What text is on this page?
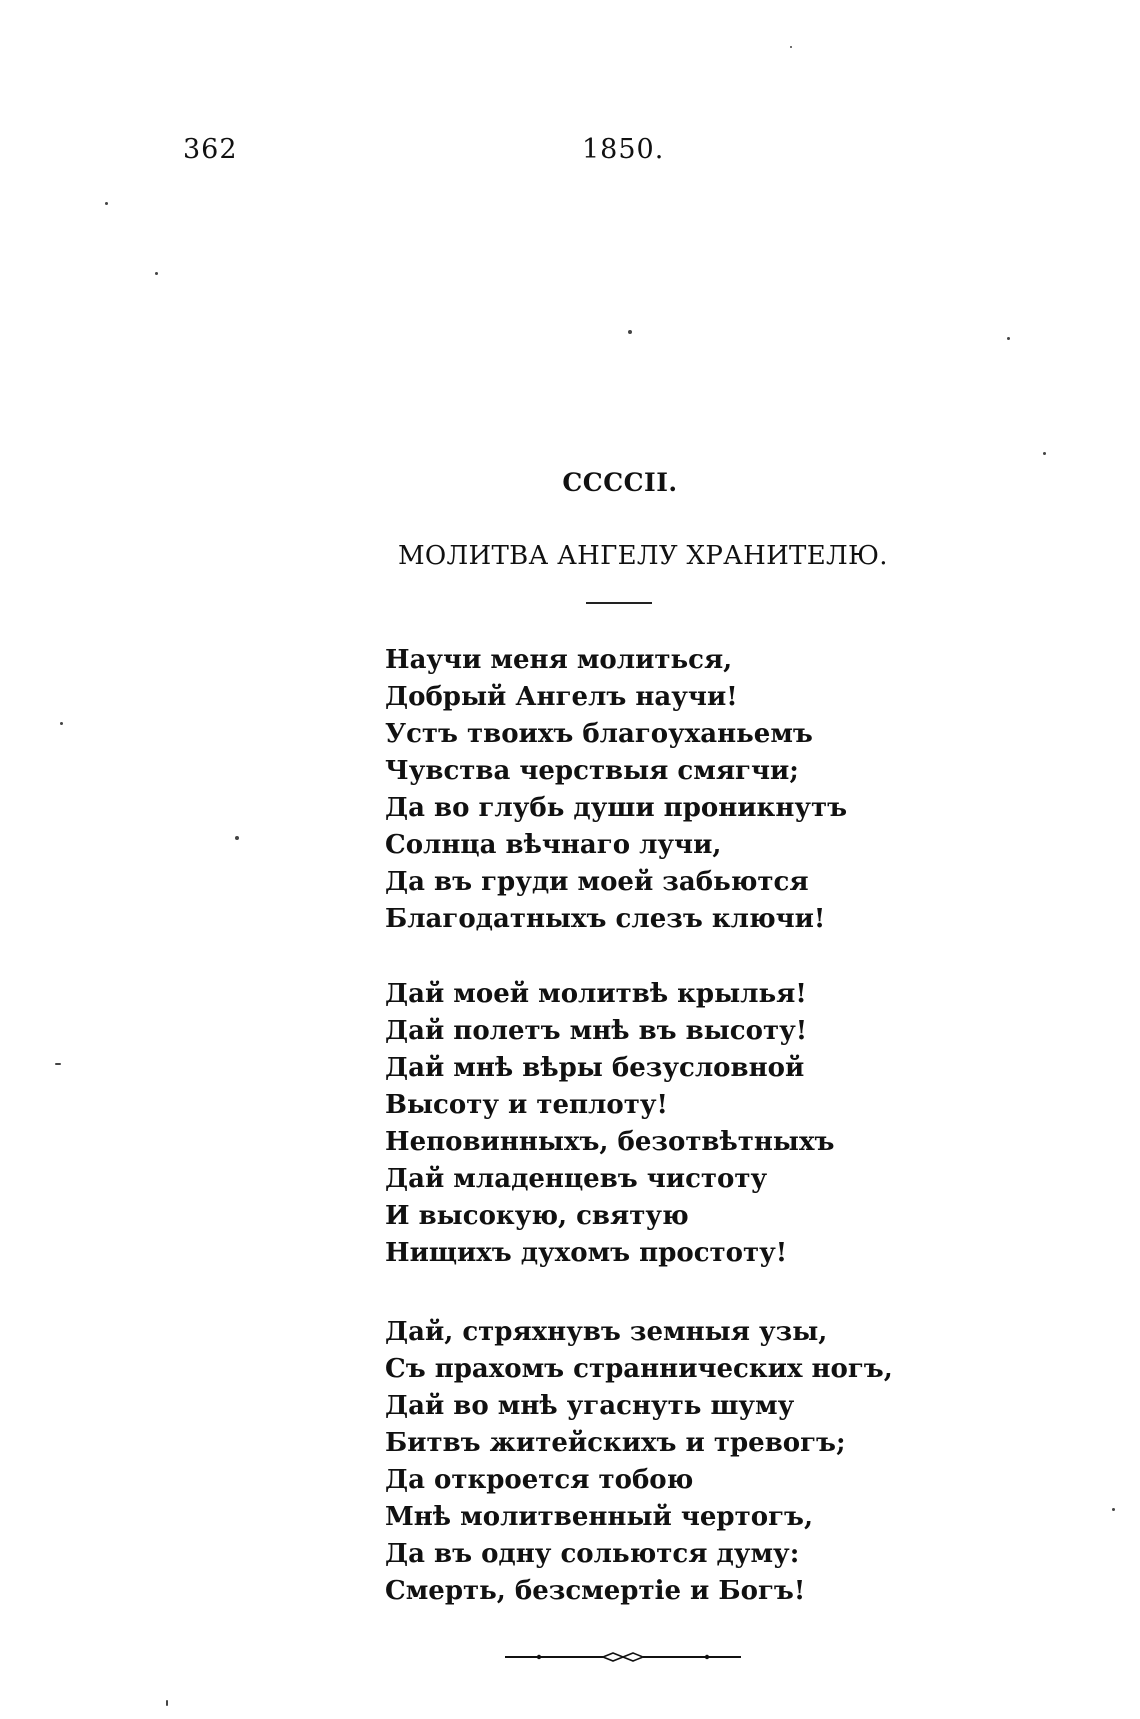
362	1850.
CCCCII.
МОЛИТВА АНГЕЛУ ХРАНИТЕЛЮ.
Научи меня молиться,
Добрый Ангелъ научи!
Устъ твоихъ благоуханьемъ
Чувства черствыя смягчи;
Да во глубь души проникнутъ
Солнца вѣчнаго лучи,
Да въ груди моей забьются
Благодатныхъ слезъ ключи!
Дай моей молитвѣ крылья!
Дай полетъ мнѣ въ высоту!
Дай мнѣ вѣры безусловной
Высоту и теплоту!
Неповинныхъ, безотвѣтныхъ
Дай младенцевъ чистоту
И высокую, святую
Нищихъ духомъ простоту!
Дай, стряхнувъ земныя узы,
Съ прахомъ страннических ногъ,
Дай во мнѣ угаснуть шуму
Битвъ житейскихъ и тревогъ;
Да откроется тобою
Мнѣ молитвенный чертогъ,
Да въ одну сольются думу:
Смерть, безсмертіе и Богъ!
